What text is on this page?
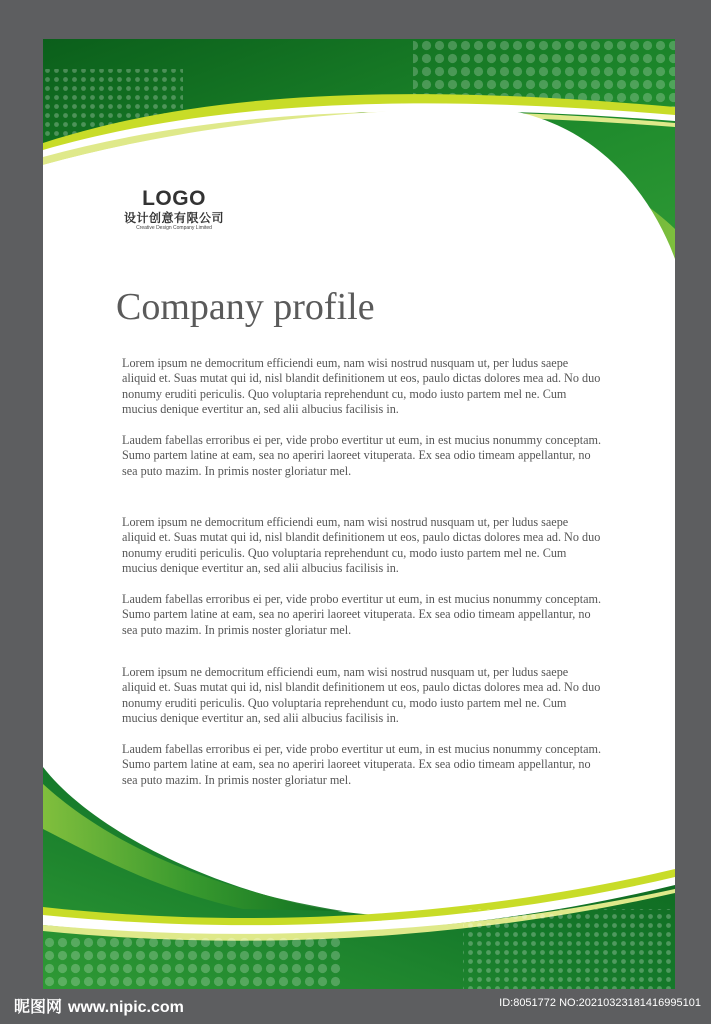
LOGO
设计创意有限公司
Creative Design Company Limited
Company profile

Lorem ipsum ne democritum efficiendi eum, nam wisi nostrud nusquam ut, per ludus saepe aliquid et. Suas mutat qui id, nisl blandit definitionem ut eos, paulo dictas dolores mea ad. No duo nonumy eruditi periculis. Quo voluptaria reprehendunt cu, modo iusto partem mel ne. Cum mucius denique evertitur an, sed alii albucius facilisis in.

Laudem fabellas erroribus ei per, vide probo evertitur ut eum, in est mucius nonummy conceptam. Sumo partem latine at eam, sea no aperiri laoreet vituperata. Ex sea odio timeam appellantur, no sea puto mazim. In primis noster gloriatur mel.

Lorem ipsum ne democritum efficiendi eum, nam wisi nostrud nusquam ut, per ludus saepe aliquid et. Suas mutat qui id, nisl blandit definitionem ut eos, paulo dictas dolores mea ad. No duo nonumy eruditi periculis. Quo voluptaria reprehendunt cu, modo iusto partem mel ne. Cum mucius denique evertitur an, sed alii albucius facilisis in.

Laudem fabellas erroribus ei per, vide probo evertitur ut eum, in est mucius nonummy conceptam. Sumo partem latine at eam, sea no aperiri laoreet vituperata. Ex sea odio timeam appellantur, no sea puto mazim. In primis noster gloriatur mel.

Lorem ipsum ne democritum efficiendi eum, nam wisi nostrud nusquam ut, per ludus saepe aliquid et. Suas mutat qui id, nisl blandit definitionem ut eos, paulo dictas dolores mea ad. No duo nonumy eruditi periculis. Quo voluptaria reprehendunt cu, modo iusto partem mel ne. Cum mucius denique evertitur an, sed alii albucius facilisis in.

Laudem fabellas erroribus ei per, vide probo evertitur ut eum, in est mucius nonummy conceptam. Sumo partem latine at eam, sea no aperiri laoreet vituperata. Ex sea odio timeam appellantur, no sea puto mazim. In primis noster gloriatur mel.

昵图网 www.nipic.com	ID:8051772 NO:20210323181416995101
